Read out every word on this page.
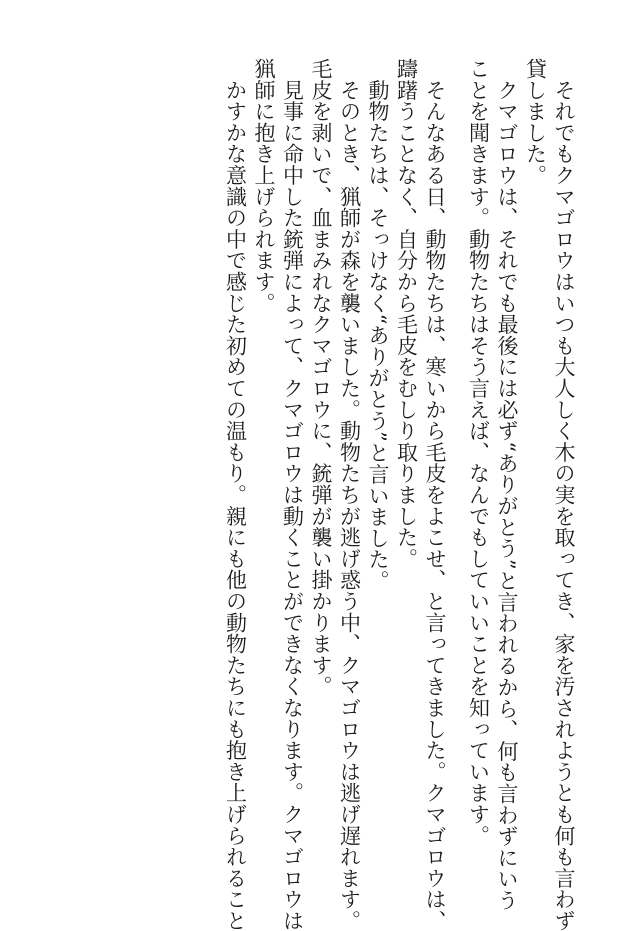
　それでもクマゴロウはいつも大人しく木の実を取ってき、家を汚されようとも何も言わず
貸しました。
　クマゴロウは、それでも最後には必ず“ありがとう”と言われるから、何も言わずにいう
ことを聞きます。動物たちはそう言えば、なんでもしていいことを知っています。
　そんなある日、動物たちは、寒いから毛皮をよこせ、と言ってきました。クマゴロウは、
躊躇うことなく、自分から毛皮をむしり取りました。
　動物たちは、そっけなく“ありがとう”と言いました。
　そのとき、猟師が森を襲いました。動物たちが逃げ惑う中、クマゴロウは逃げ遅れます。
毛皮を剥いで、血まみれなクマゴロウに、銃弾が襲い掛かります。
　見事に命中した銃弾によって、クマゴロウは動くことができなくなります。クマゴロウは
猟師に抱き上げられます。
　かすかな意識の中で感じた初めての温もり。親にも他の動物たちにも抱き上げられること
